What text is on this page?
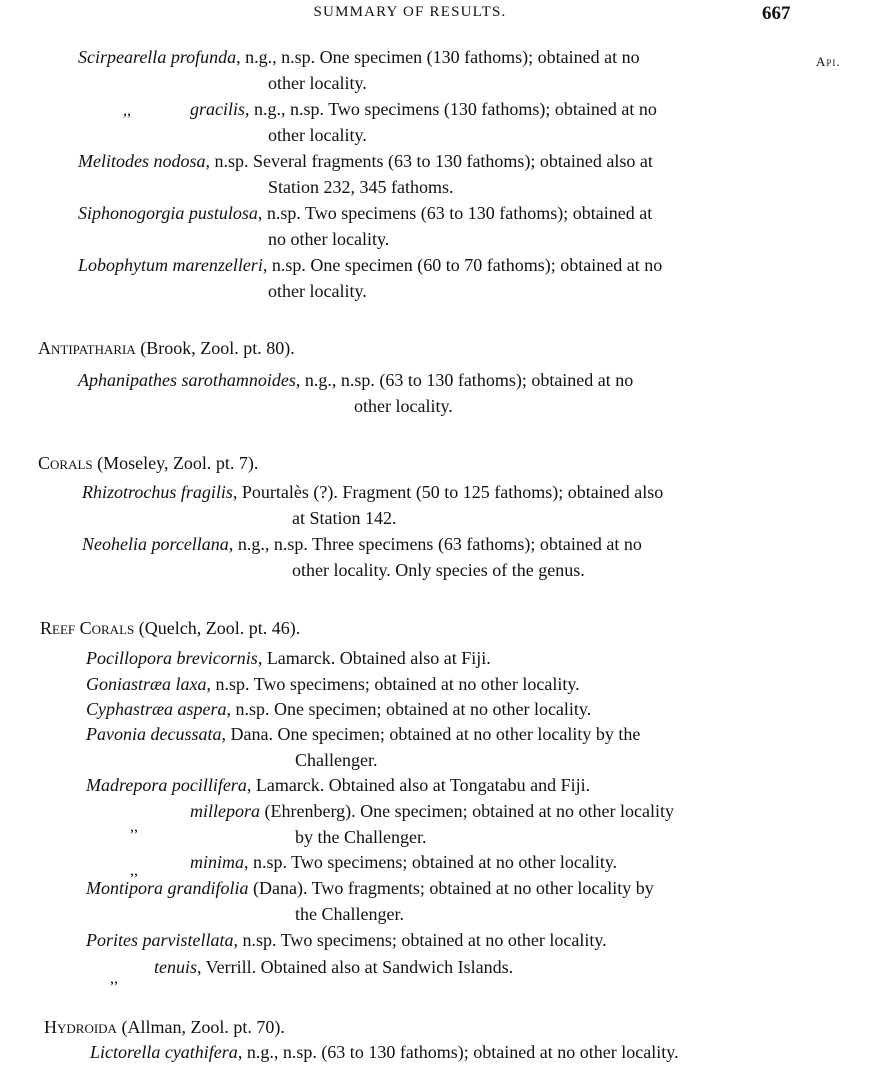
SUMMARY OF RESULTS.	667
Api.
Scirpearella profunda, n.g., n.sp. One specimen (130 fathoms); obtained at no
other locality.
,,	gracilis, n.g., n.sp. Two specimens (130 fathoms); obtained at no
other locality.
Melitodes nodosa, n.sp. Several fragments (63 to 130 fathoms); obtained also at
Station 232, 345 fathoms.
Siphonogorgia pustulosa, n.sp. Two specimens (63 to 130 fathoms); obtained at
no other locality.
Lobophytum marenzelleri, n.sp. One specimen (60 to 70 fathoms); obtained at no
other locality.
Antipatharia (Brook, Zool. pt. 80).
Aphanipathes sarothamnoides, n.g., n.sp. (63 to 130 fathoms); obtained at no
other locality.
Corals (Moseley, Zool. pt. 7).
Rhizotrochus fragilis, Pourtalès (?). Fragment (50 to 125 fathoms); obtained also
at Station 142.
Neohelia porcellana, n.g., n.sp. Three specimens (63 fathoms); obtained at no
other locality. Only species of the genus.
Reef Corals (Quelch, Zool. pt. 46).
Pocillopora brevicornis, Lamarck. Obtained also at Fiji.
Goniastræa laxa, n.sp. Two specimens; obtained at no other locality.
Cyphastræa aspera, n.sp. One specimen; obtained at no other locality.
Pavonia decussata, Dana. One specimen; obtained at no other locality by the
Challenger.
Madrepora pocillifera, Lamarck. Obtained also at Tongatabu and Fiji.
,,
millepora (Ehrenberg). One specimen; obtained at no other locality
by the Challenger.
,,	minima, n.sp. Two specimens; obtained at no other locality.
Montipora grandifolia (Dana). Two fragments; obtained at no other locality by
the Challenger.
Porites parvistellata, n.sp. Two specimens; obtained at no other locality.
,,
tenuis, Verrill. Obtained also at Sandwich Islands.
Hydroida (Allman, Zool. pt. 70).
Lictorella cyathifera, n.g., n.sp. (63 to 130 fathoms); obtained at no other locality.
